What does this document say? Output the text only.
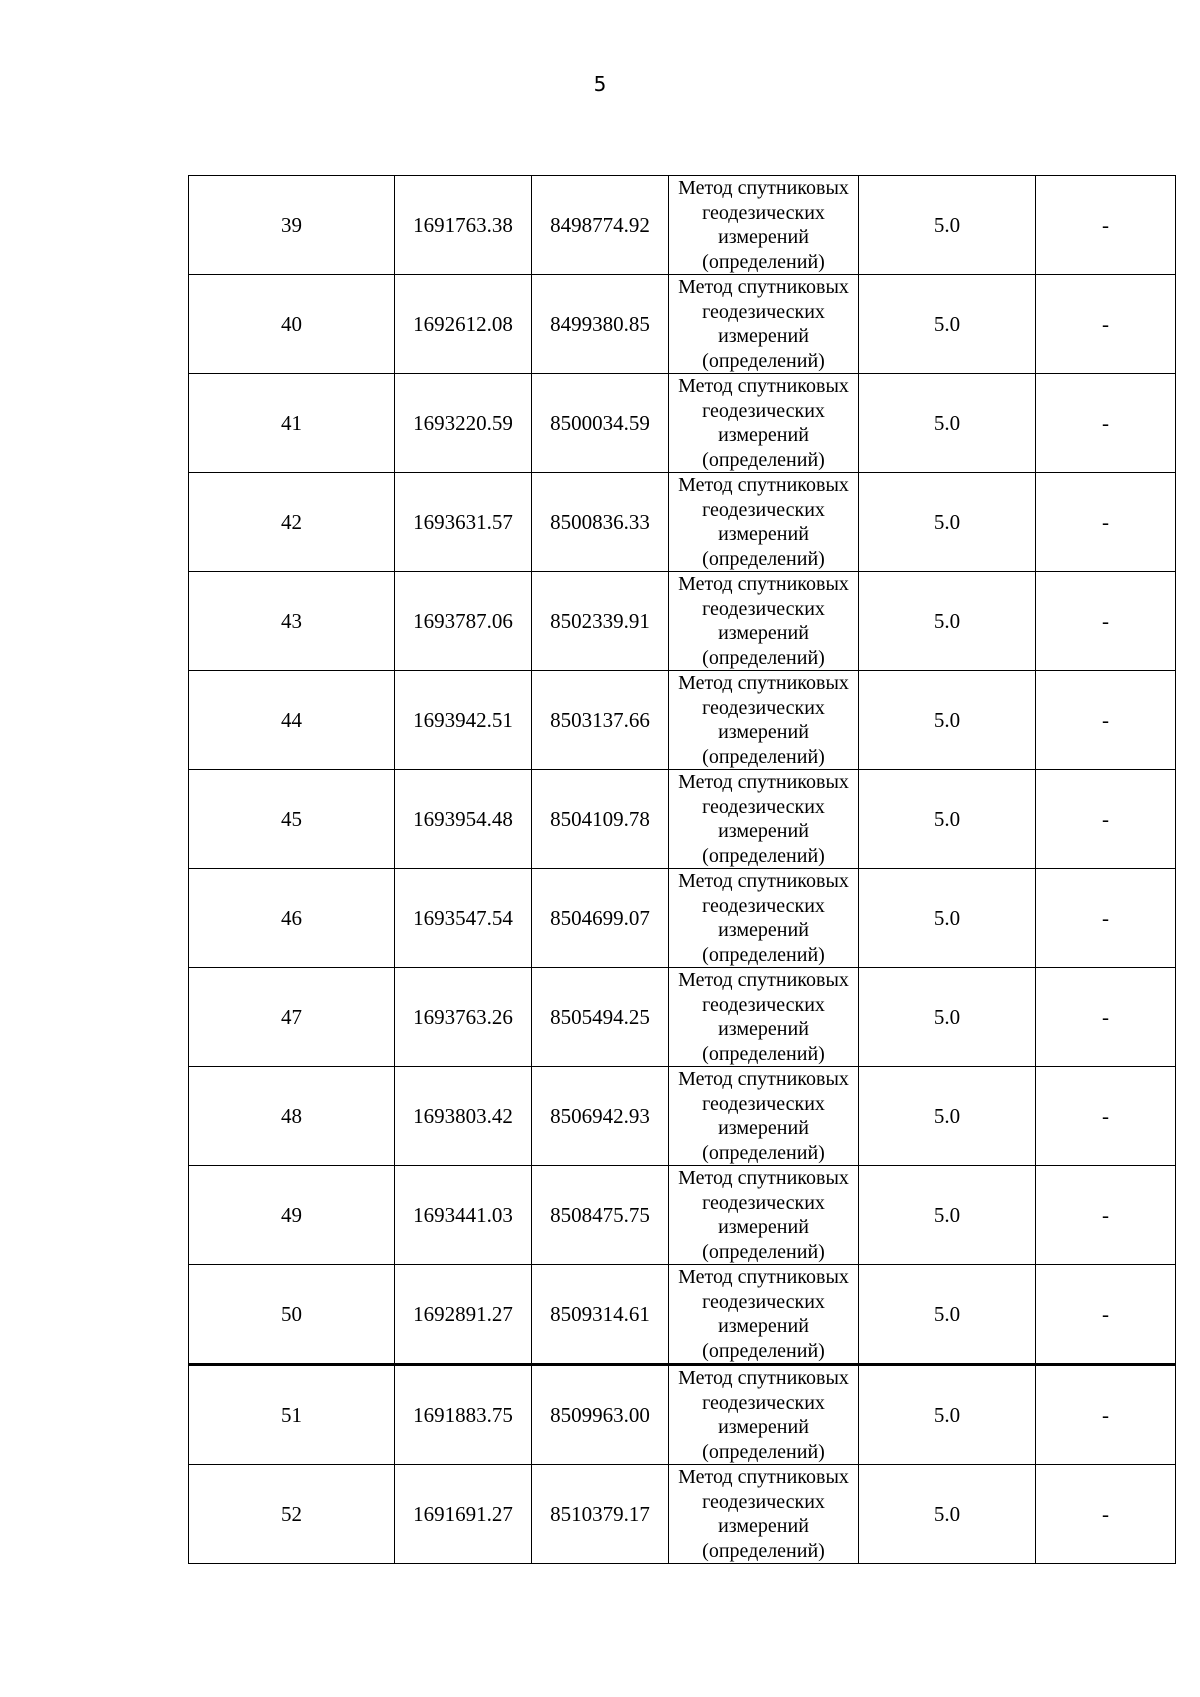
5
39	1691763.38	8498774.92	Метод спутниковых геодезических измерений (определений)	5.0	-
40	1692612.08	8499380.85	Метод спутниковых геодезических измерений (определений)	5.0	-
41	1693220.59	8500034.59	Метод спутниковых геодезических измерений (определений)	5.0	-
42	1693631.57	8500836.33	Метод спутниковых геодезических измерений (определений)	5.0	-
43	1693787.06	8502339.91	Метод спутниковых геодезических измерений (определений)	5.0	-
44	1693942.51	8503137.66	Метод спутниковых геодезических измерений (определений)	5.0	-
45	1693954.48	8504109.78	Метод спутниковых геодезических измерений (определений)	5.0	-
46	1693547.54	8504699.07	Метод спутниковых геодезических измерений (определений)	5.0	-
47	1693763.26	8505494.25	Метод спутниковых геодезических измерений (определений)	5.0	-
48	1693803.42	8506942.93	Метод спутниковых геодезических измерений (определений)	5.0	-
49	1693441.03	8508475.75	Метод спутниковых геодезических измерений (определений)	5.0	-
50	1692891.27	8509314.61	Метод спутниковых геодезических измерений (определений)	5.0	-
51	1691883.75	8509963.00	Метод спутниковых геодезических измерений (определений)	5.0	-
52	1691691.27	8510379.17	Метод спутниковых геодезических измерений (определений)	5.0	-
